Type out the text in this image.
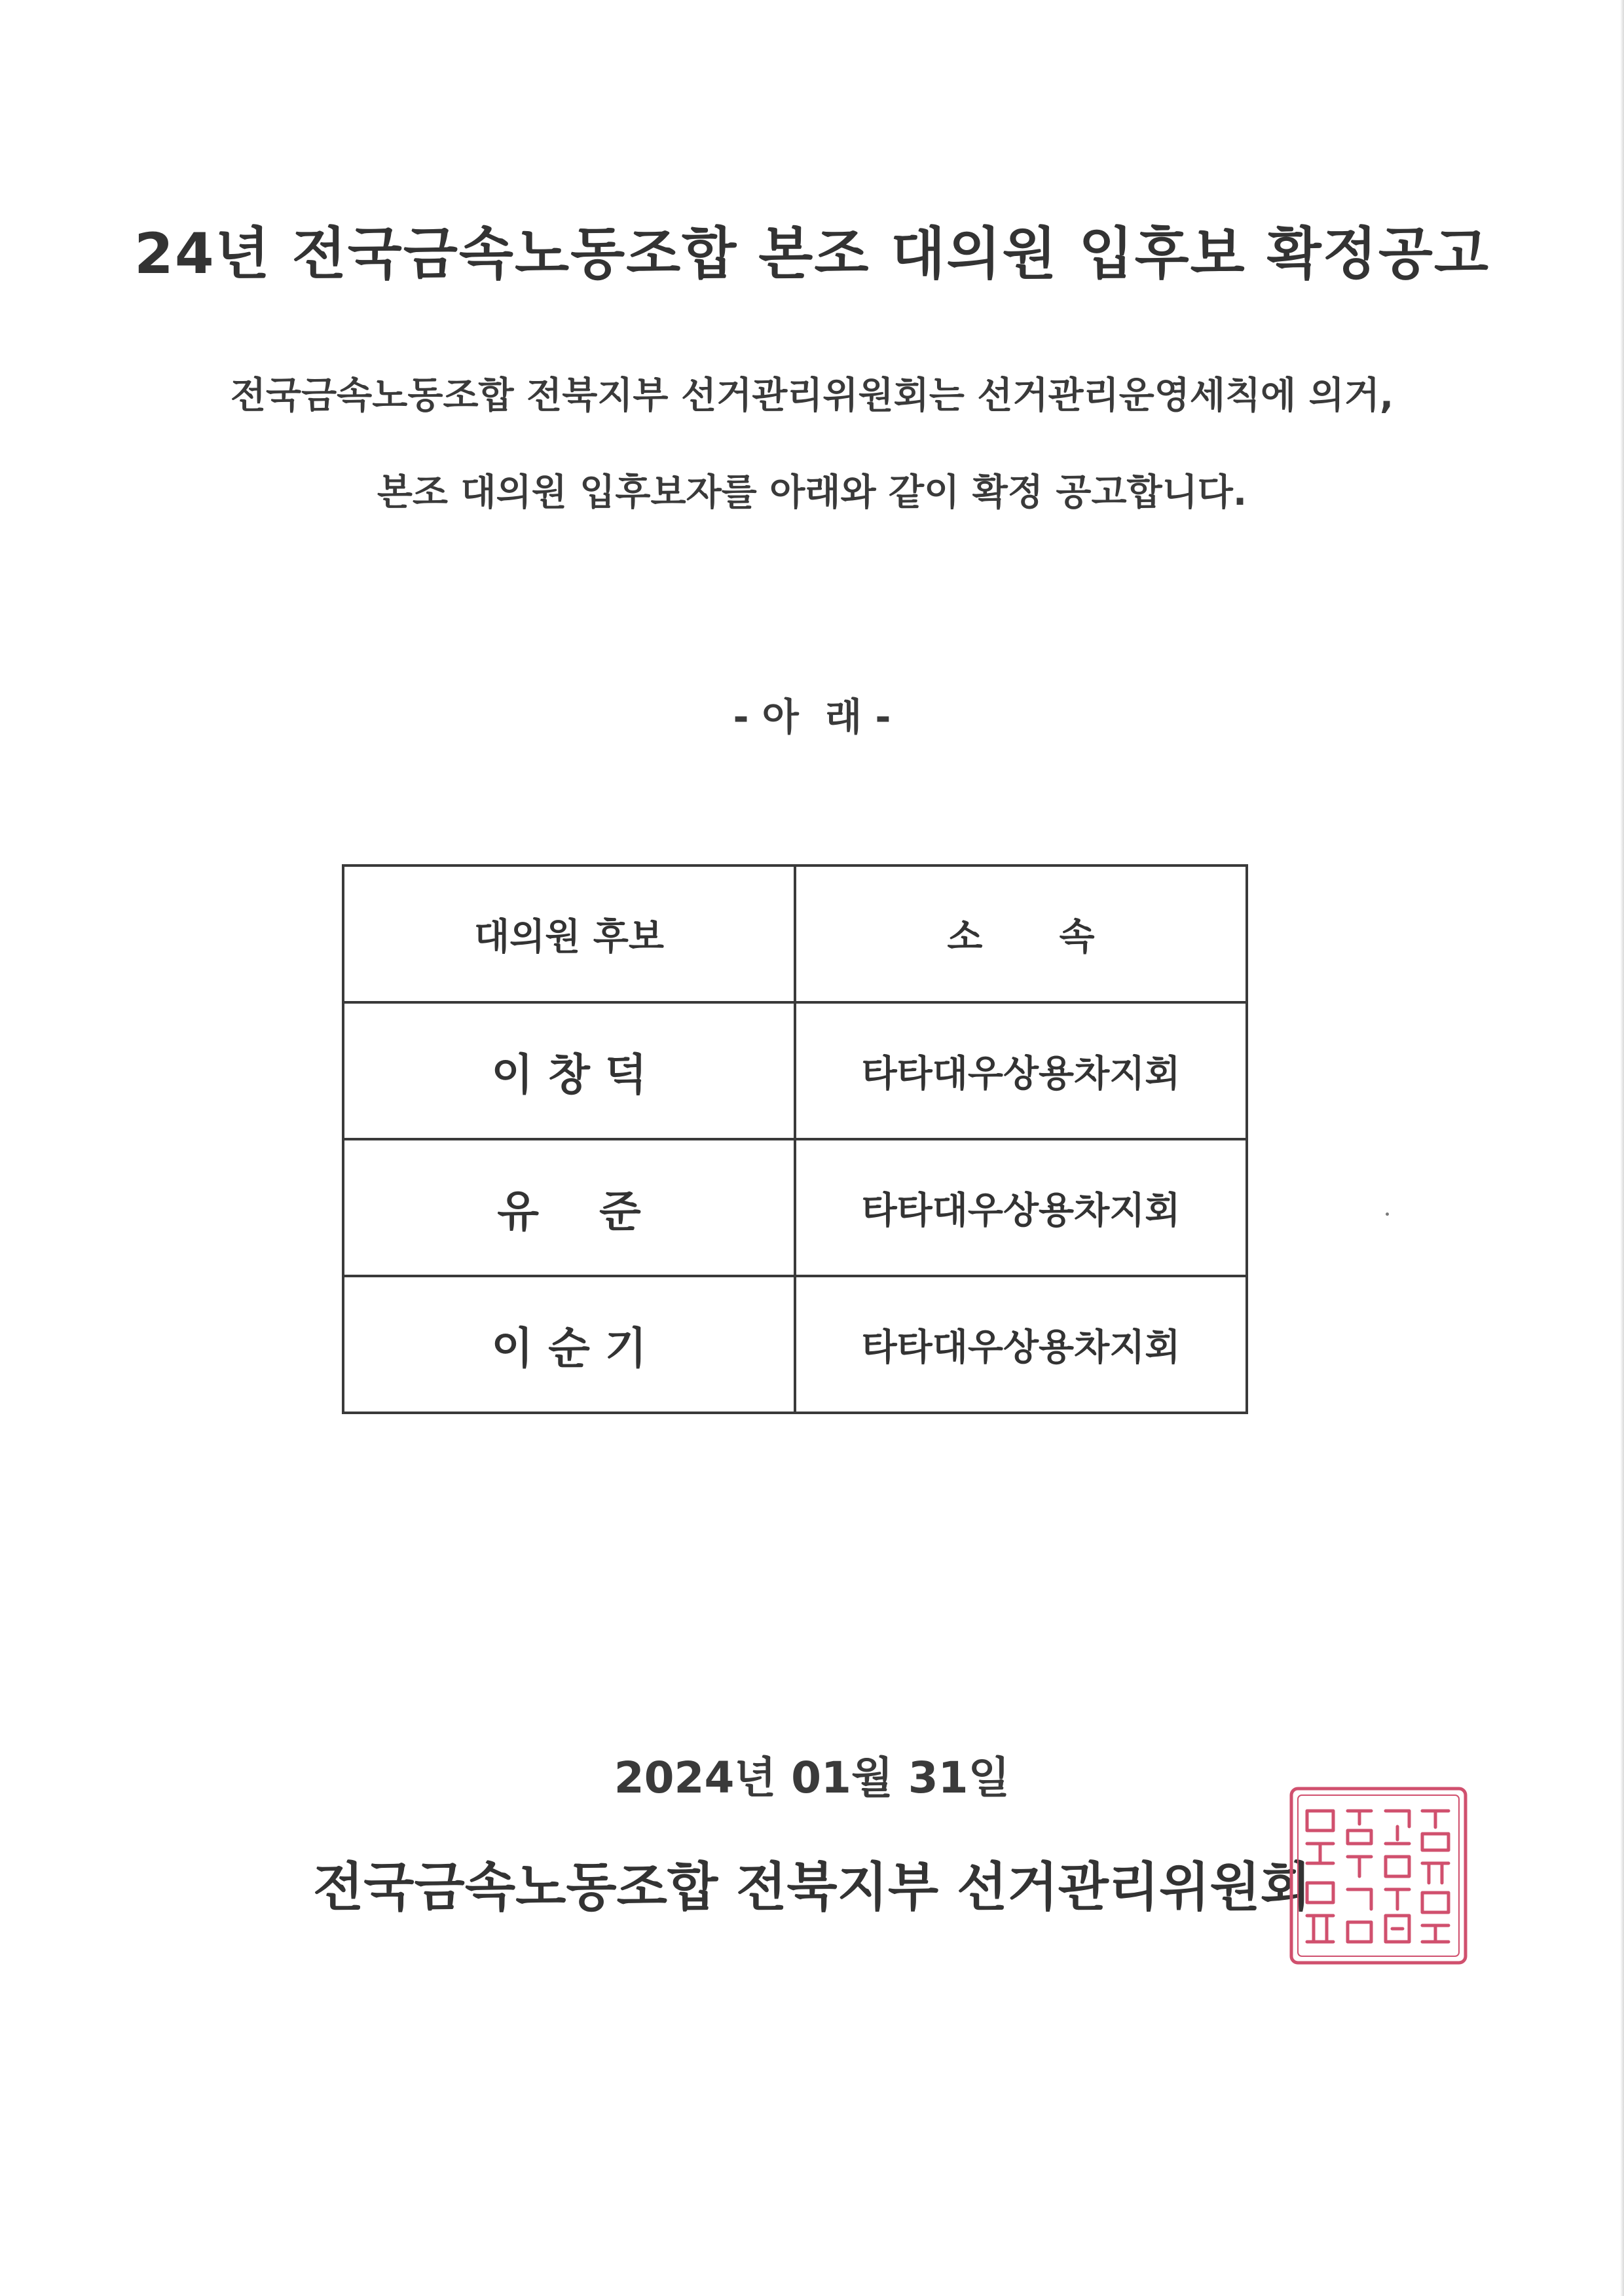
24년 전국금속노동조합 본조 대의원 입후보 확정공고
전국금속노동조합 전북지부 선거관리위원회는 선거관리운영세칙에 의거,
본조 대의원 입후보자를 아래와 같이 확정 공고합니다.
- 아  래 -
대의원 후보	소      속
이 창 덕	타타대우상용차지회
유    준	타타대우상용차지회
이 순 기	타타대우상용차지회
2024년 01월 31일
전국금속노동조합 전북지부 선거관리위원회
